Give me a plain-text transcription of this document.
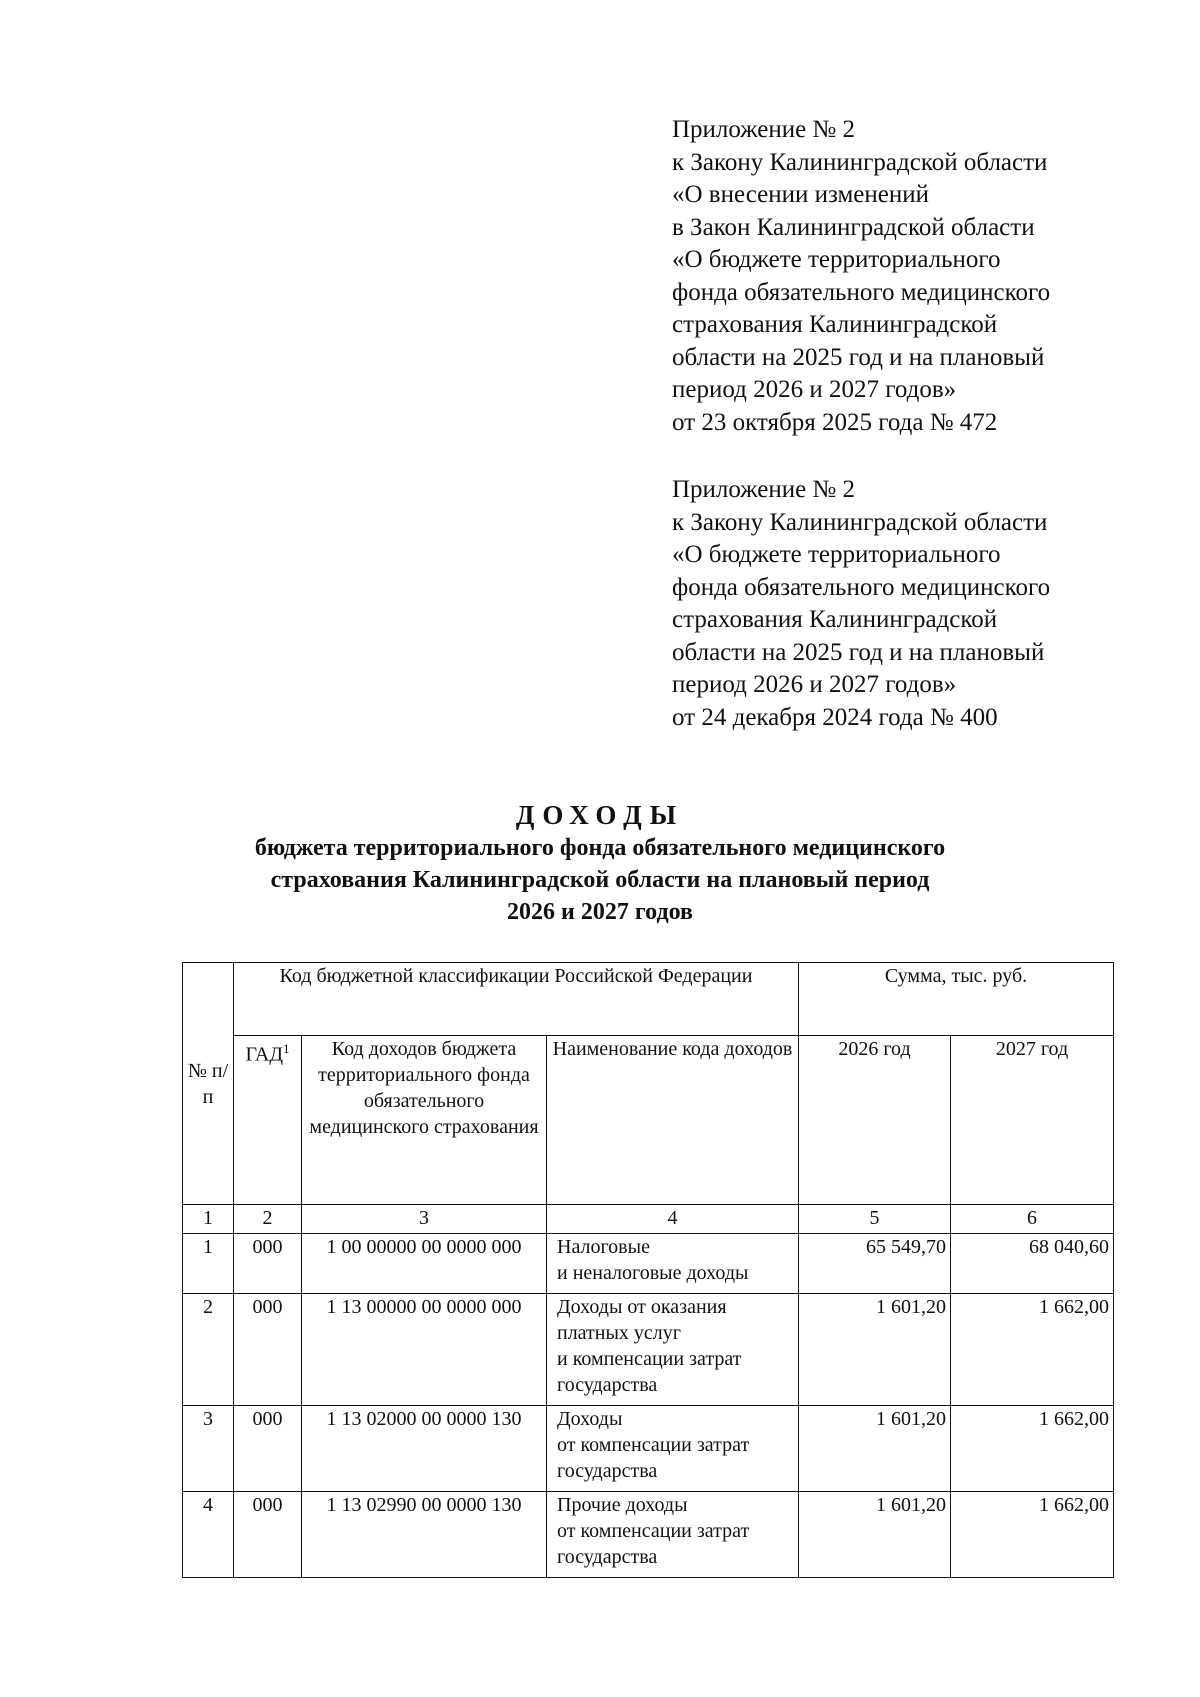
Приложение № 2
к Закону Калининградской области
«О внесении изменений
в Закон Калининградской области
«О бюджете территориального
фонда обязательного медицинского
страхования Калининградской
области на 2025 год и на плановый
период 2026 и 2027 годов»
от 23 октября 2025 года № 472
Приложение № 2
к Закону Калининградской области
«О бюджете территориального
фонда обязательного медицинского
страхования Калининградской
области на 2025 год и на плановый
период 2026 и 2027 годов»
от 24 декабря 2024 года № 400
ДОХОДЫ
бюджета территориального фонда обязательного медицинского
страхования Калининградской области на плановый период
2026 и 2027 годов
№ п/п	Код бюджетной классификации Российской Федерации			Сумма, тыс. руб.	
	ГАД$^1$	Код доходов бюджета территориального фонда обязательного медицинского страхования	Наименование кода доходов	2026 год	2027 год
1	2	3	4	5	6
1	000	1 00 00000 00 0000 000	Налоговые
и неналоговые доходы	65 549,70	68 040,60
2	000	1 13 00000 00 0000 000	Доходы от оказания
платных услуг
и компенсации затрат
государства	1 601,20	1 662,00
3	000	1 13 02000 00 0000 130	Доходы
от компенсации затрат
государства	1 601,20	1 662,00
4	000	1 13 02990 00 0000 130	Прочие доходы
от компенсации затрат
государства	1 601,20	1 662,00
